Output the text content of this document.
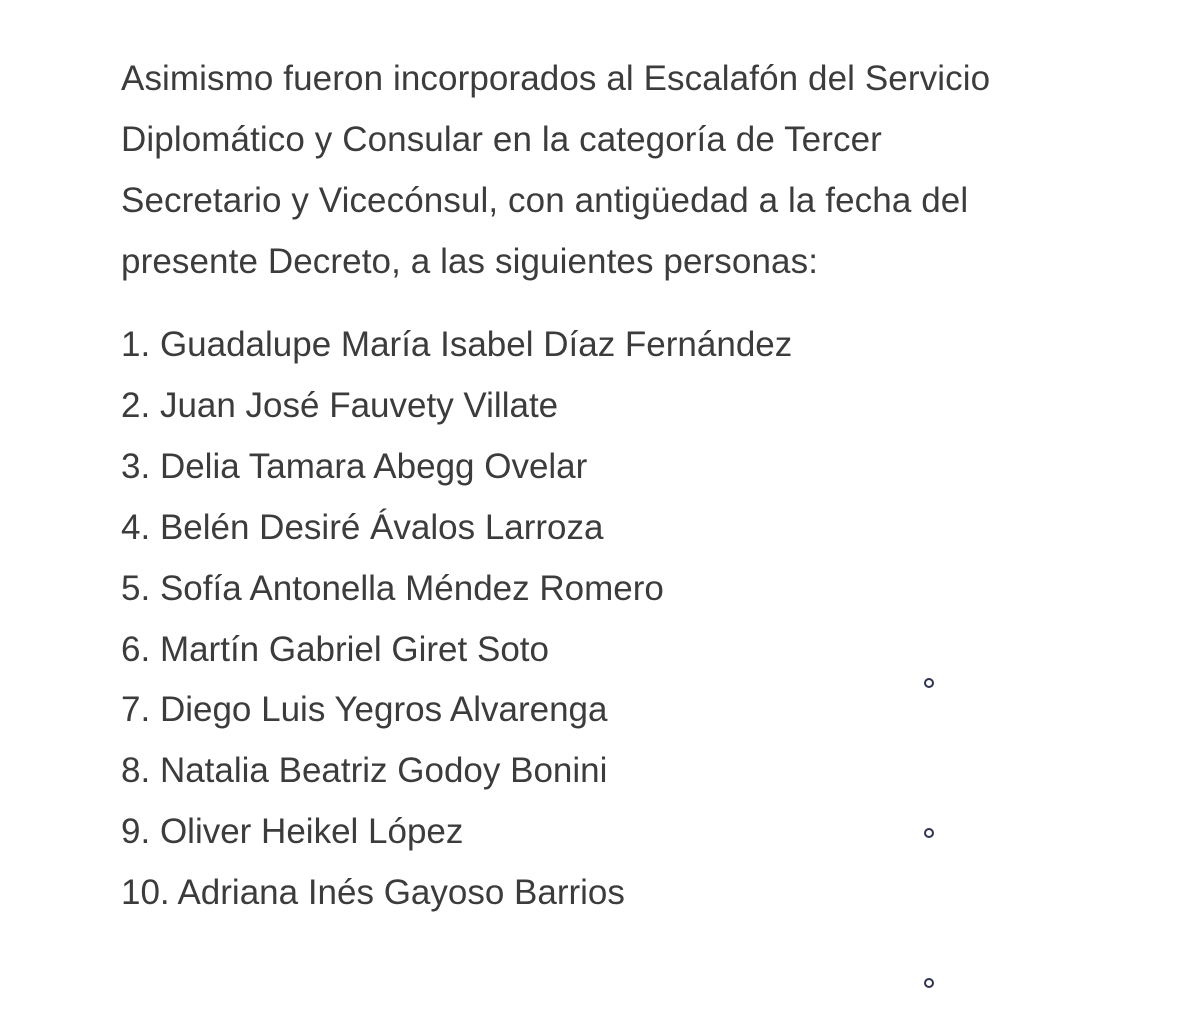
Asimismo fueron incorporados al Escalafón del Servicio
Diplomático y Consular en la categoría de Tercer
Secretario y Vicecónsul, con antigüedad a la fecha del
presente Decreto, a las siguientes personas:

1. Guadalupe María Isabel Díaz Fernández
2. Juan José Fauvety Villate
3. Delia Tamara Abegg Ovelar
4. Belén Desiré Ávalos Larroza
5. Sofía Antonella Méndez Romero
6. Martín Gabriel Giret Soto
7. Diego Luis Yegros Alvarenga
8. Natalia Beatriz Godoy Bonini
9. Oliver Heikel López
10. Adriana Inés Gayoso Barrios
